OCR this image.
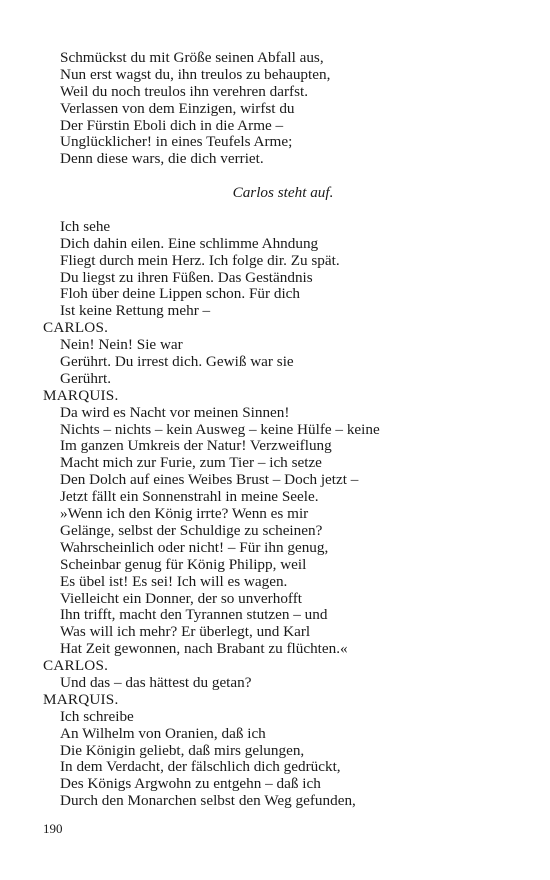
Schmückst du mit Größe seinen Abfall aus,
Nun erst wagst du, ihn treulos zu behaupten,
Weil du noch treulos ihn verehren darfst.
Verlassen von dem Einzigen, wirfst du
Der Fürstin Eboli dich in die Arme –
Unglücklicher! in eines Teufels Arme;
Denn diese wars, die dich verriet.
Carlos steht auf.
Ich sehe
Dich dahin eilen. Eine schlimme Ahndung
Fliegt durch mein Herz. Ich folge dir. Zu spät.
Du liegst zu ihren Füßen. Das Geständnis
Floh über deine Lippen schon. Für dich
Ist keine Rettung mehr –
CARLOS.
Nein! Nein! Sie war
Gerührt. Du irrest dich. Gewiß war sie
Gerührt.
MARQUIS.
Da wird es Nacht vor meinen Sinnen!
Nichts – nichts – kein Ausweg – keine Hülfe – keine
Im ganzen Umkreis der Natur! Verzweiflung
Macht mich zur Furie, zum Tier – ich setze
Den Dolch auf eines Weibes Brust – Doch jetzt –
Jetzt fällt ein Sonnenstrahl in meine Seele.
»Wenn ich den König irrte? Wenn es mir
Gelänge, selbst der Schuldige zu scheinen?
Wahrscheinlich oder nicht! – Für ihn genug,
Scheinbar genug für König Philipp, weil
Es übel ist! Es sei! Ich will es wagen.
Vielleicht ein Donner, der so unverhofft
Ihn trifft, macht den Tyrannen stutzen – und
Was will ich mehr? Er überlegt, und Karl
Hat Zeit gewonnen, nach Brabant zu flüchten.«
CARLOS.
Und das – das hättest du getan?
MARQUIS.
Ich schreibe
An Wilhelm von Oranien, daß ich
Die Königin geliebt, daß mirs gelungen,
In dem Verdacht, der fälschlich dich gedrückt,
Des Königs Argwohn zu entgehn – daß ich
Durch den Monarchen selbst den Weg gefunden,
190
